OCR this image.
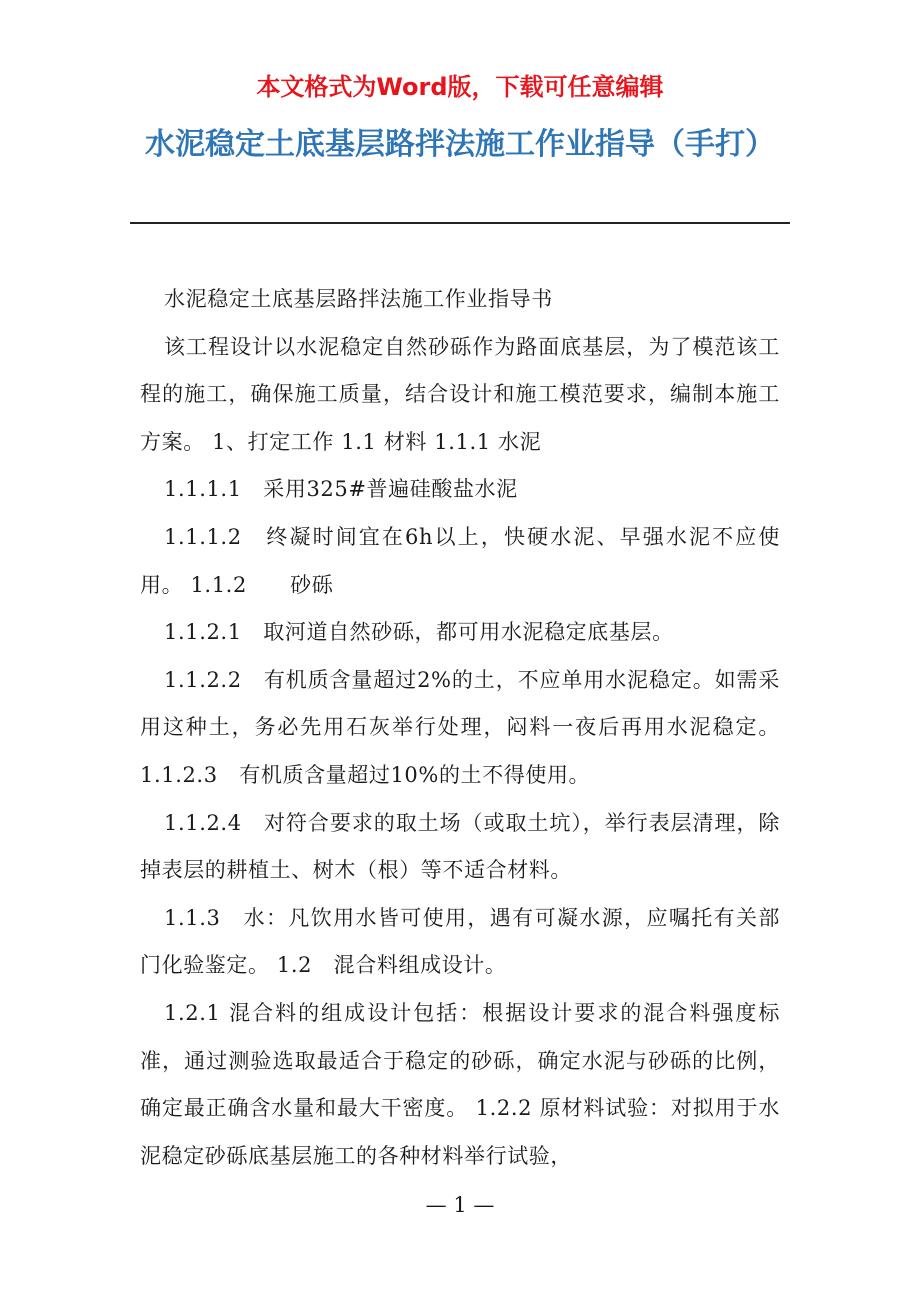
本文格式为Word版，下载可任意编辑

水泥稳定土底基层路拌法施工作业指导（手打）

水泥稳定土底基层路拌法施工作业指导书

该工程设计以水泥稳定自然砂砾作为路面底基层，为了模范该工程的施工，确保施工质量，结合设计和施工模范要求，编制本施工方案。 1、打定工作 1.1 材料 1.1.1 水泥

1.1.1.1　采用325#普遍硅酸盐水泥

1.1.1.2　终凝时间宜在6h以上，快硬水泥、早强水泥不应使用。 1.1.2　　砂砾

1.1.2.1　取河道自然砂砾，都可用水泥稳定底基层。

1.1.2.2　有机质含量超过2%的土，不应单用水泥稳定。如需采用这种土，务必先用石灰举行处理，闷料一夜后再用水泥稳定。 1.1.2.3　有机质含量超过10%的土不得使用。

1.1.2.4　对符合要求的取土场（或取土坑），举行表层清理，除掉表层的耕植土、树木（根）等不适合材料。

1.1.3　水：凡饮用水皆可使用，遇有可凝水源，应嘱托有关部门化验鉴定。 1.2　混合料组成设计。

1.2.1 混合料的组成设计包括：根据设计要求的混合料强度标准，通过测验选取最适合于稳定的砂砾，确定水泥与砂砾的比例，确定最正确含水量和最大干密度。 1.2.2 原材料试验：对拟用于水泥稳定砂砾底基层施工的各种材料举行试验，

— 1 —
